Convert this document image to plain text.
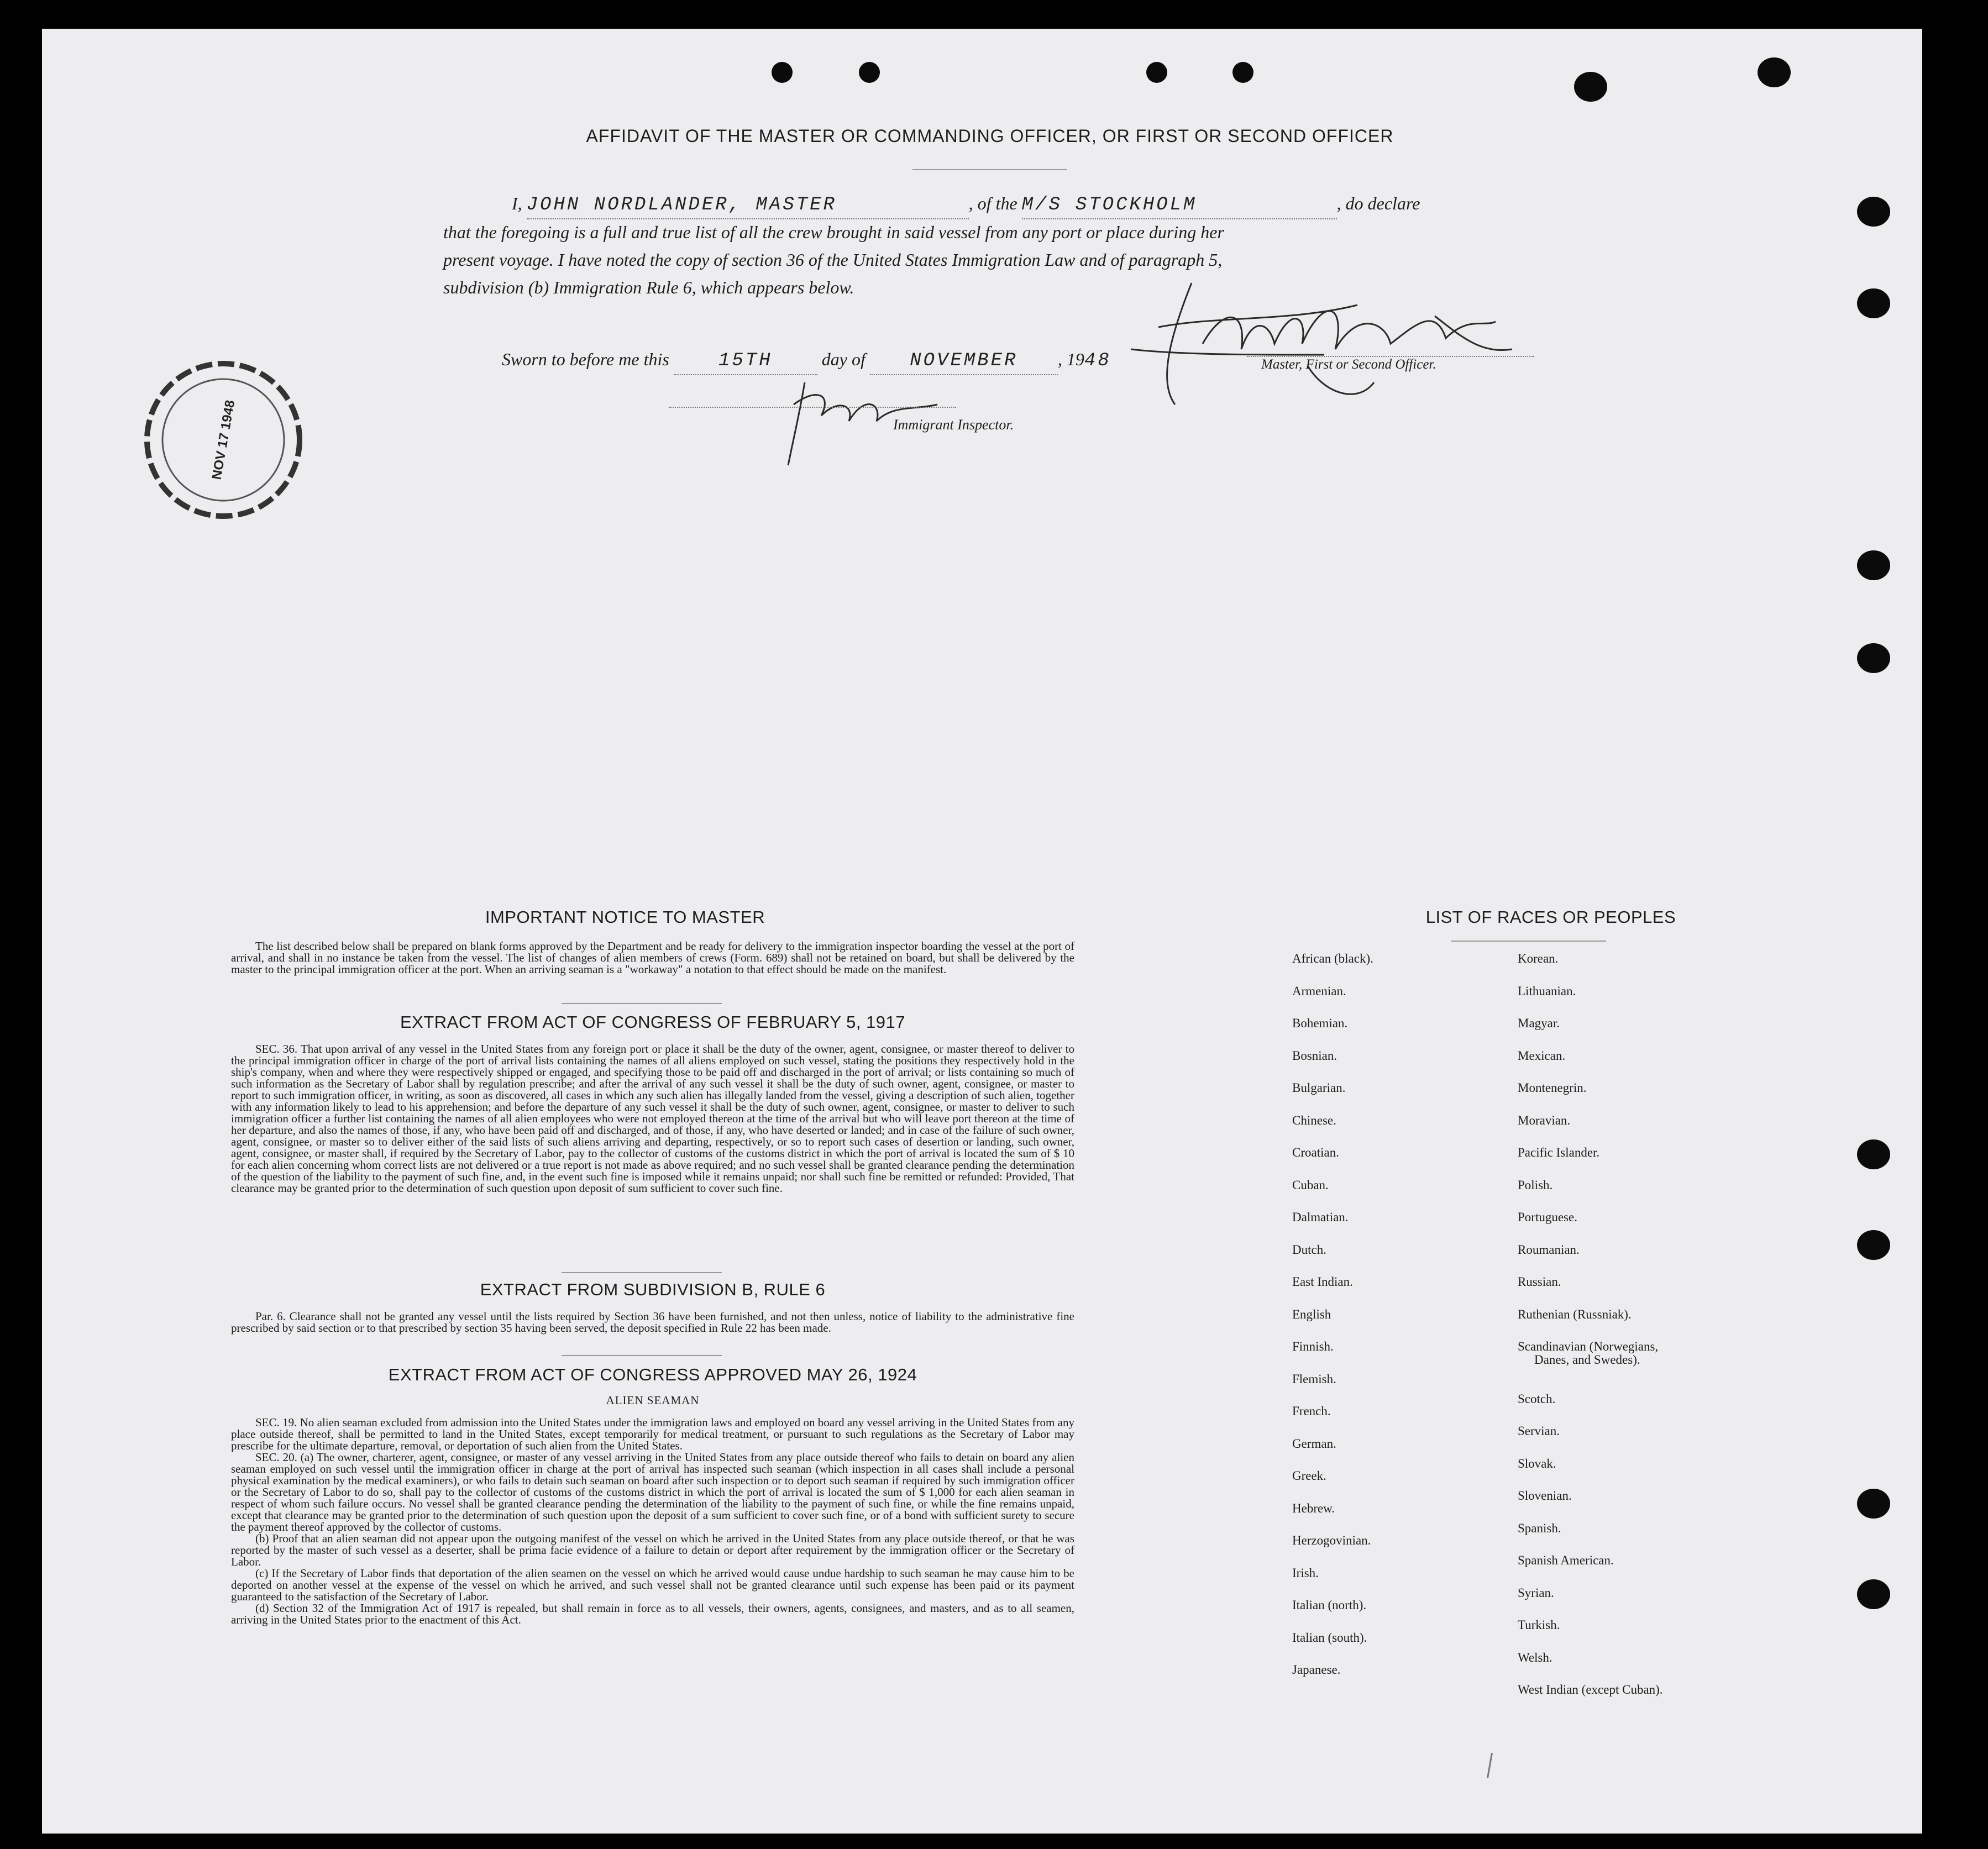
AFFIDAVIT OF THE MASTER OR COMMANDING OFFICER, OR FIRST OR SECOND OFFICER
I, JOHN NORDLANDER, MASTER	, of the M/S STOCKHOLM	, do declare
that the foregoing is a full and true list of all the crew brought in said vessel from any port or place during her
present voyage. I have noted the copy of section 36 of the United States Immigration Law and of paragraph 5,
subdivision (b) Immigration Rule 6, which appears below.
Master, First or Second Officer.
Sworn to before me this	15TH	day of NOVEMBER , 1948
Immigrant Inspector.
NOV 17 1948
IMPORTANT NOTICE TO MASTER

The list described below shall be prepared on blank forms approved by the Department and be ready for delivery to the immigration inspector boarding the vessel at the port of arrival, and shall in no instance be taken from the vessel. The list of changes of alien members of crews (Form. 689) shall not be retained on board, but shall be delivered by the master to the principal immigration officer at the port. When an arriving seaman is a "workaway" a notation to that effect should be made on the manifest.

EXTRACT FROM ACT OF CONGRESS OF FEBRUARY 5, 1917

SEC. 36. That upon arrival of any vessel in the United States from any foreign port or place it shall be the duty of the owner, agent, consignee, or master thereof to deliver to the principal immigration officer in charge of the port of arrival lists containing the names of all aliens employed on such vessel, stating the positions they respectively hold in the ship's company, when and where they were respectively shipped or engaged, and specifying those to be paid off and discharged in the port of arrival; or lists containing so much of such information as the Secretary of Labor shall by regulation prescribe; and after the arrival of any such vessel it shall be the duty of such owner, agent, consignee, or master to report to such immigration officer, in writing, as soon as discovered, all cases in which any such alien has illegally landed from the vessel, giving a description of such alien, together with any information likely to lead to his apprehension; and before the departure of any such vessel it shall be the duty of such owner, agent, consignee, or master to deliver to such immigration officer a further list containing the names of all alien employees who were not employed thereon at the time of the arrival but who will leave port thereon at the time of her departure, and also the names of those, if any, who have been paid off and discharged, and of those, if any, who have deserted or landed; and in case of the failure of such owner, agent, consignee, or master so to deliver either of the said lists of such aliens arriving and departing, respectively, or so to report such cases of desertion or landing, such owner, agent, consignee, or master shall, if required by the Secretary of Labor, pay to the collector of customs of the customs district in which the port of arrival is located the sum of $ 10 for each alien concerning whom correct lists are not delivered or a true report is not made as above required; and no such vessel shall be granted clearance pending the determination of the question of the liability to the payment of such fine, and, in the event such fine is imposed while it remains unpaid; nor shall such fine be remitted or refunded: Provided, That clearance may be granted prior to the determination of such question upon deposit of sum sufficient to cover such fine.

EXTRACT FROM SUBDIVISION B, RULE 6

Par. 6. Clearance shall not be granted any vessel until the lists required by Section 36 have been furnished, and not then unless, notice of liability to the administrative fine prescribed by said section or to that prescribed by section 35 having been served, the deposit specified in Rule 22 has been made.

EXTRACT FROM ACT OF CONGRESS APPROVED MAY 26, 1924
ALIEN SEAMAN

SEC. 19. No alien seaman excluded from admission into the United States under the immigration laws and employed on board any vessel arriving in the United States from any place outside thereof, shall be permitted to land in the United States, except temporarily for medical treatment, or pursuant to such regulations as the Secretary of Labor may prescribe for the ultimate departure, removal, or deportation of such alien from the United States.

SEC. 20. (a) The owner, charterer, agent, consignee, or master of any vessel arriving in the United States from any place outside thereof who fails to detain on board any alien seaman employed on such vessel until the immigration officer in charge at the port of arrival has inspected such seaman (which inspection in all cases shall include a personal physical examination by the medical examiners), or who fails to detain such seaman on board after such inspection or to deport such seaman if required by such immigration officer or the Secretary of Labor to do so, shall pay to the collector of customs of the customs district in which the port of arrival is located the sum of $ 1,000 for each alien seaman in respect of whom such failure occurs. No vessel shall be granted clearance pending the determination of the liability to the payment of such fine, or while the fine remains unpaid, except that clearance may be granted prior to the determination of such question upon the deposit of a sum sufficient to cover such fine, or of a bond with sufficient surety to secure the payment thereof approved by the collector of customs.

(b) Proof that an alien seaman did not appear upon the outgoing manifest of the vessel on which he arrived in the United States from any place outside thereof, or that he was reported by the master of such vessel as a deserter, shall be prima facie evidence of a failure to detain or deport after requirement by the immigration officer or the Secretary of Labor.

(c) If the Secretary of Labor finds that deportation of the alien seamen on the vessel on which he arrived would cause undue hardship to such seaman he may cause him to be deported on another vessel at the expense of the vessel on which he arrived, and such vessel shall not be granted clearance until such expense has been paid or its payment guaranteed to the satisfaction of the Secretary of Labor.

(d) Section 32 of the Immigration Act of 1917 is repealed, but shall remain in force as to all vessels, their owners, agents, consignees, and masters, and as to all seamen, arriving in the United States prior to the enactment of this Act.

LIST OF RACES OR PEOPLES
African (black).
Armenian.
Bohemian.
Bosnian.
Bulgarian.
Chinese.
Croatian.
Cuban.
Dalmatian.
Dutch.
East Indian.
English
Finnish.
Flemish.
French.
German.
Greek.
Hebrew.
Herzogovinian.
Irish.
Italian (north).
Italian (south).
Japanese.
Korean.
Lithuanian.
Magyar.
Mexican.
Montenegrin.
Moravian.
Pacific Islander.
Polish.
Portuguese.
Roumanian.
Russian.
Ruthenian (Russniak).
Scandinavian (Norwegians,
Danes, and Swedes).
Scotch.
Servian.
Slovak.
Slovenian.
Spanish.
Spanish American.
Syrian.
Turkish.
Welsh.
West Indian (except Cuban).
